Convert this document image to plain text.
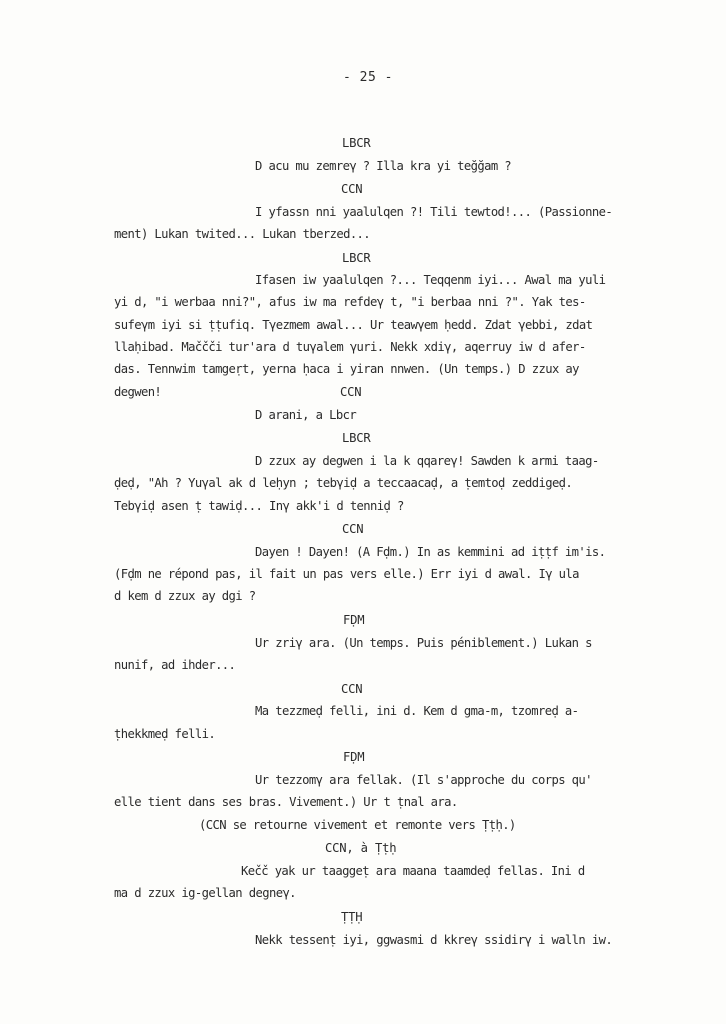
- 25 -
LBCR
D acu mu zemreγ ? Illa kra yi teğğam ?
CCN
I yfassn nni yaalulqen ?! Tili tewtod!... (Passionne-
ment) Lukan twited... Lukan tberzed...
LBCR
Ifasen iw yaalulqen ?... Teqqenm iyi... Awal ma yuli
yi d, "i werbaa nni?", afus iw ma refdeγ t, "i berbaa nni ?". Yak tes-
sufeγm iyi si ṭṭufiq. Tγezmem awal... Ur teawγem ḥedd. Zdat γebbi, zdat
llaḥibad. Maččči tur'ara d tuγalem γuri. Nekk xdiγ, aqerruy iw d afer-
das. Tennwim tamgeṛt, yerna ḥaca i yiran nnwen. (Un temps.) D zzux ay
degwen!	CCN
D arani, a Lbcr
LBCR
D zzux ay degwen i la k qqareγ! Sawden k armi taag-
ḍeḍ, "Ah ? Yuγal ak d leḥyn ; tebγiḍ a teccaacaḍ, a ṭemtoḍ zeddigeḍ.
Tebγiḍ asen ṭ tawiḍ... Inγ akk'i d tenniḍ ?
CCN
Dayen ! Dayen! (A Fḍm.) In as kemmini ad iṭṭf im'is.
(Fḍm ne répond pas, il fait un pas vers elle.) Err iyi d awal. Iγ ula
d kem d zzux ay dgi ?
FḌM
Ur zriγ ara. (Un temps. Puis péniblement.) Lukan s
nunif, ad ihder...
CCN
Ma tezzmeḍ felli, ini d. Kem d gma-m, tzomreḍ a-
ṭhekkmeḍ felli.
FḌM
Ur tezzomγ ara fellak. (Il s'approche du corps qu'
elle tient dans ses bras. Vivement.) Ur t ṭnal ara.
(CCN se retourne vivement et remonte vers Ṭṭḥ.)
CCN, à Ṭṭḥ
Kečč yak ur taaggeṭ ara maana taamdeḍ fellas. Ini d
ma d zzux ig-gellan degneγ.
ṬṬḤ
Nekk tessenṭ iyi, ggwasmi d kkreγ ssidirγ i walln iw.
